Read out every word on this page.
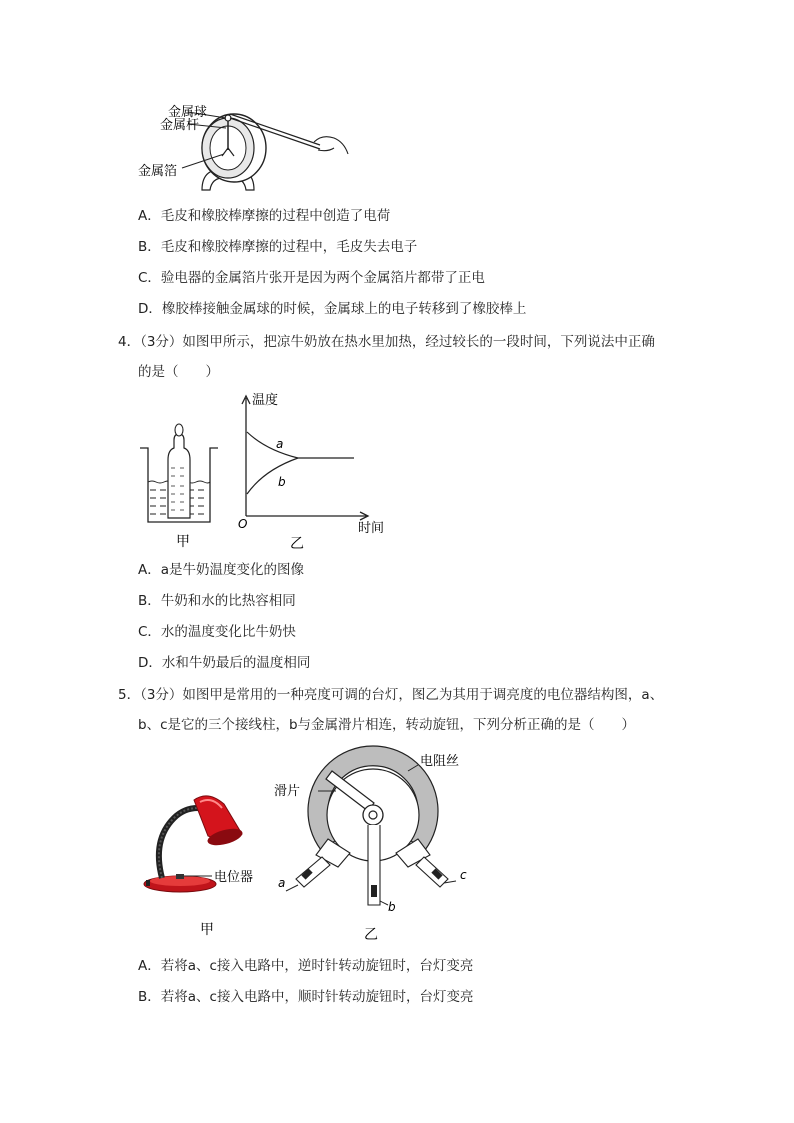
金属球
金属杆
金属箔
A．毛皮和橡胶棒摩擦的过程中创造了电荷
B．毛皮和橡胶棒摩擦的过程中，毛皮失去电子
C．验电器的金属箔片张开是因为两个金属箔片都带了正电
D．橡胶棒接触金属球的时候，金属球上的电子转移到了橡胶棒上
4．（3分）如图甲所示，把凉牛奶放在热水里加热，经过较长的一段时间，下列说法中正确
的是（　　）
a
b
温度
时间
O
甲	乙
A．a是牛奶温度变化的图像
B．牛奶和水的比热容相同
C．水的温度变化比牛奶快
D．水和牛奶最后的温度相同
5．（3分）如图甲是常用的一种亮度可调的台灯，图乙为其用于调亮度的电位器结构图，a、
b、c是它的三个接线柱，b与金属滑片相连，转动旋钮，下列分析正确的是（　　）
电位器
甲
a
c
b
滑片
电阻丝
乙
A．若将a、c接入电路中，逆时针转动旋钮时，台灯变亮
B．若将a、c接入电路中，顺时针转动旋钮时，台灯变亮
